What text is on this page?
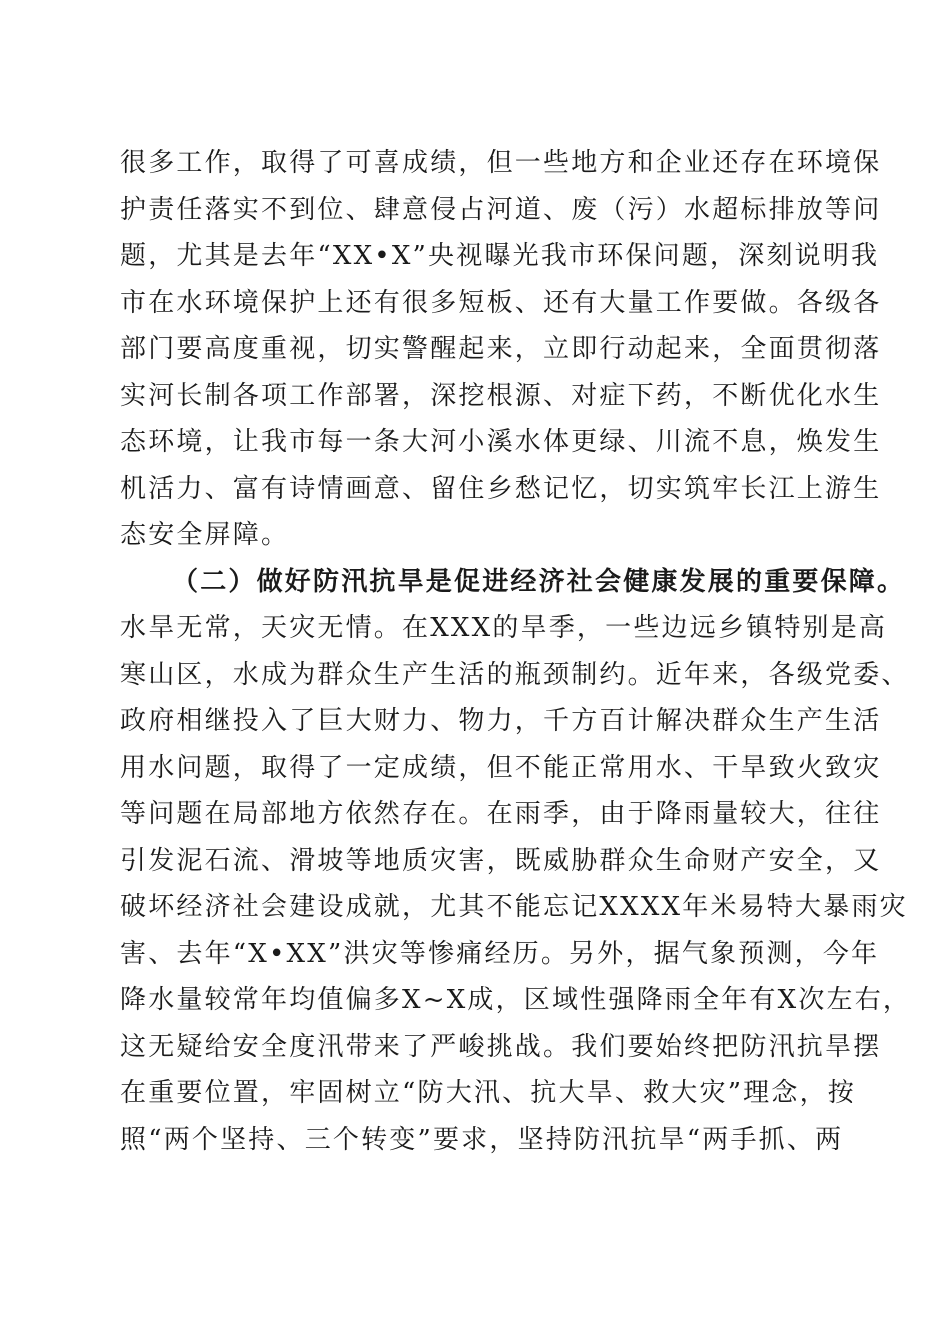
很多工作，取得了可喜成绩，但一些地方和企业还存在环境保
护责任落实不到位、肆意侵占河道、废（污）水超标排放等问
题，尤其是去年“XX•X”央视曝光我市环保问题，深刻说明我
市在水环境保护上还有很多短板、还有大量工作要做。各级各
部门要高度重视，切实警醒起来，立即行动起来，全面贯彻落
实河长制各项工作部署，深挖根源、对症下药，不断优化水生
态环境，让我市每一条大河小溪水体更绿、川流不息，焕发生
机活力、富有诗情画意、留住乡愁记忆，切实筑牢长江上游生
态安全屏障。
（二）做好防汛抗旱是促进经济社会健康发展的重要保障。
水旱无常，天灾无情。在XXX的旱季，一些边远乡镇特别是高
寒山区，水成为群众生产生活的瓶颈制约。近年来，各级党委、
政府相继投入了巨大财力、物力，千方百计解决群众生产生活
用水问题，取得了一定成绩，但不能正常用水、干旱致火致灾
等问题在局部地方依然存在。在雨季，由于降雨量较大，往往
引发泥石流、滑坡等地质灾害，既威胁群众生命财产安全，又
破坏经济社会建设成就，尤其不能忘记XXXX年米易特大暴雨灾
害、去年“X•XX”洪灾等惨痛经历。另外，据气象预测，今年
降水量较常年均值偏多X~X成，区域性强降雨全年有X次左右，
这无疑给安全度汛带来了严峻挑战。我们要始终把防汛抗旱摆
在重要位置，牢固树立“防大汛、抗大旱、救大灾”理念，按
照“两个坚持、三个转变”要求，坚持防汛抗旱“两手抓、两
